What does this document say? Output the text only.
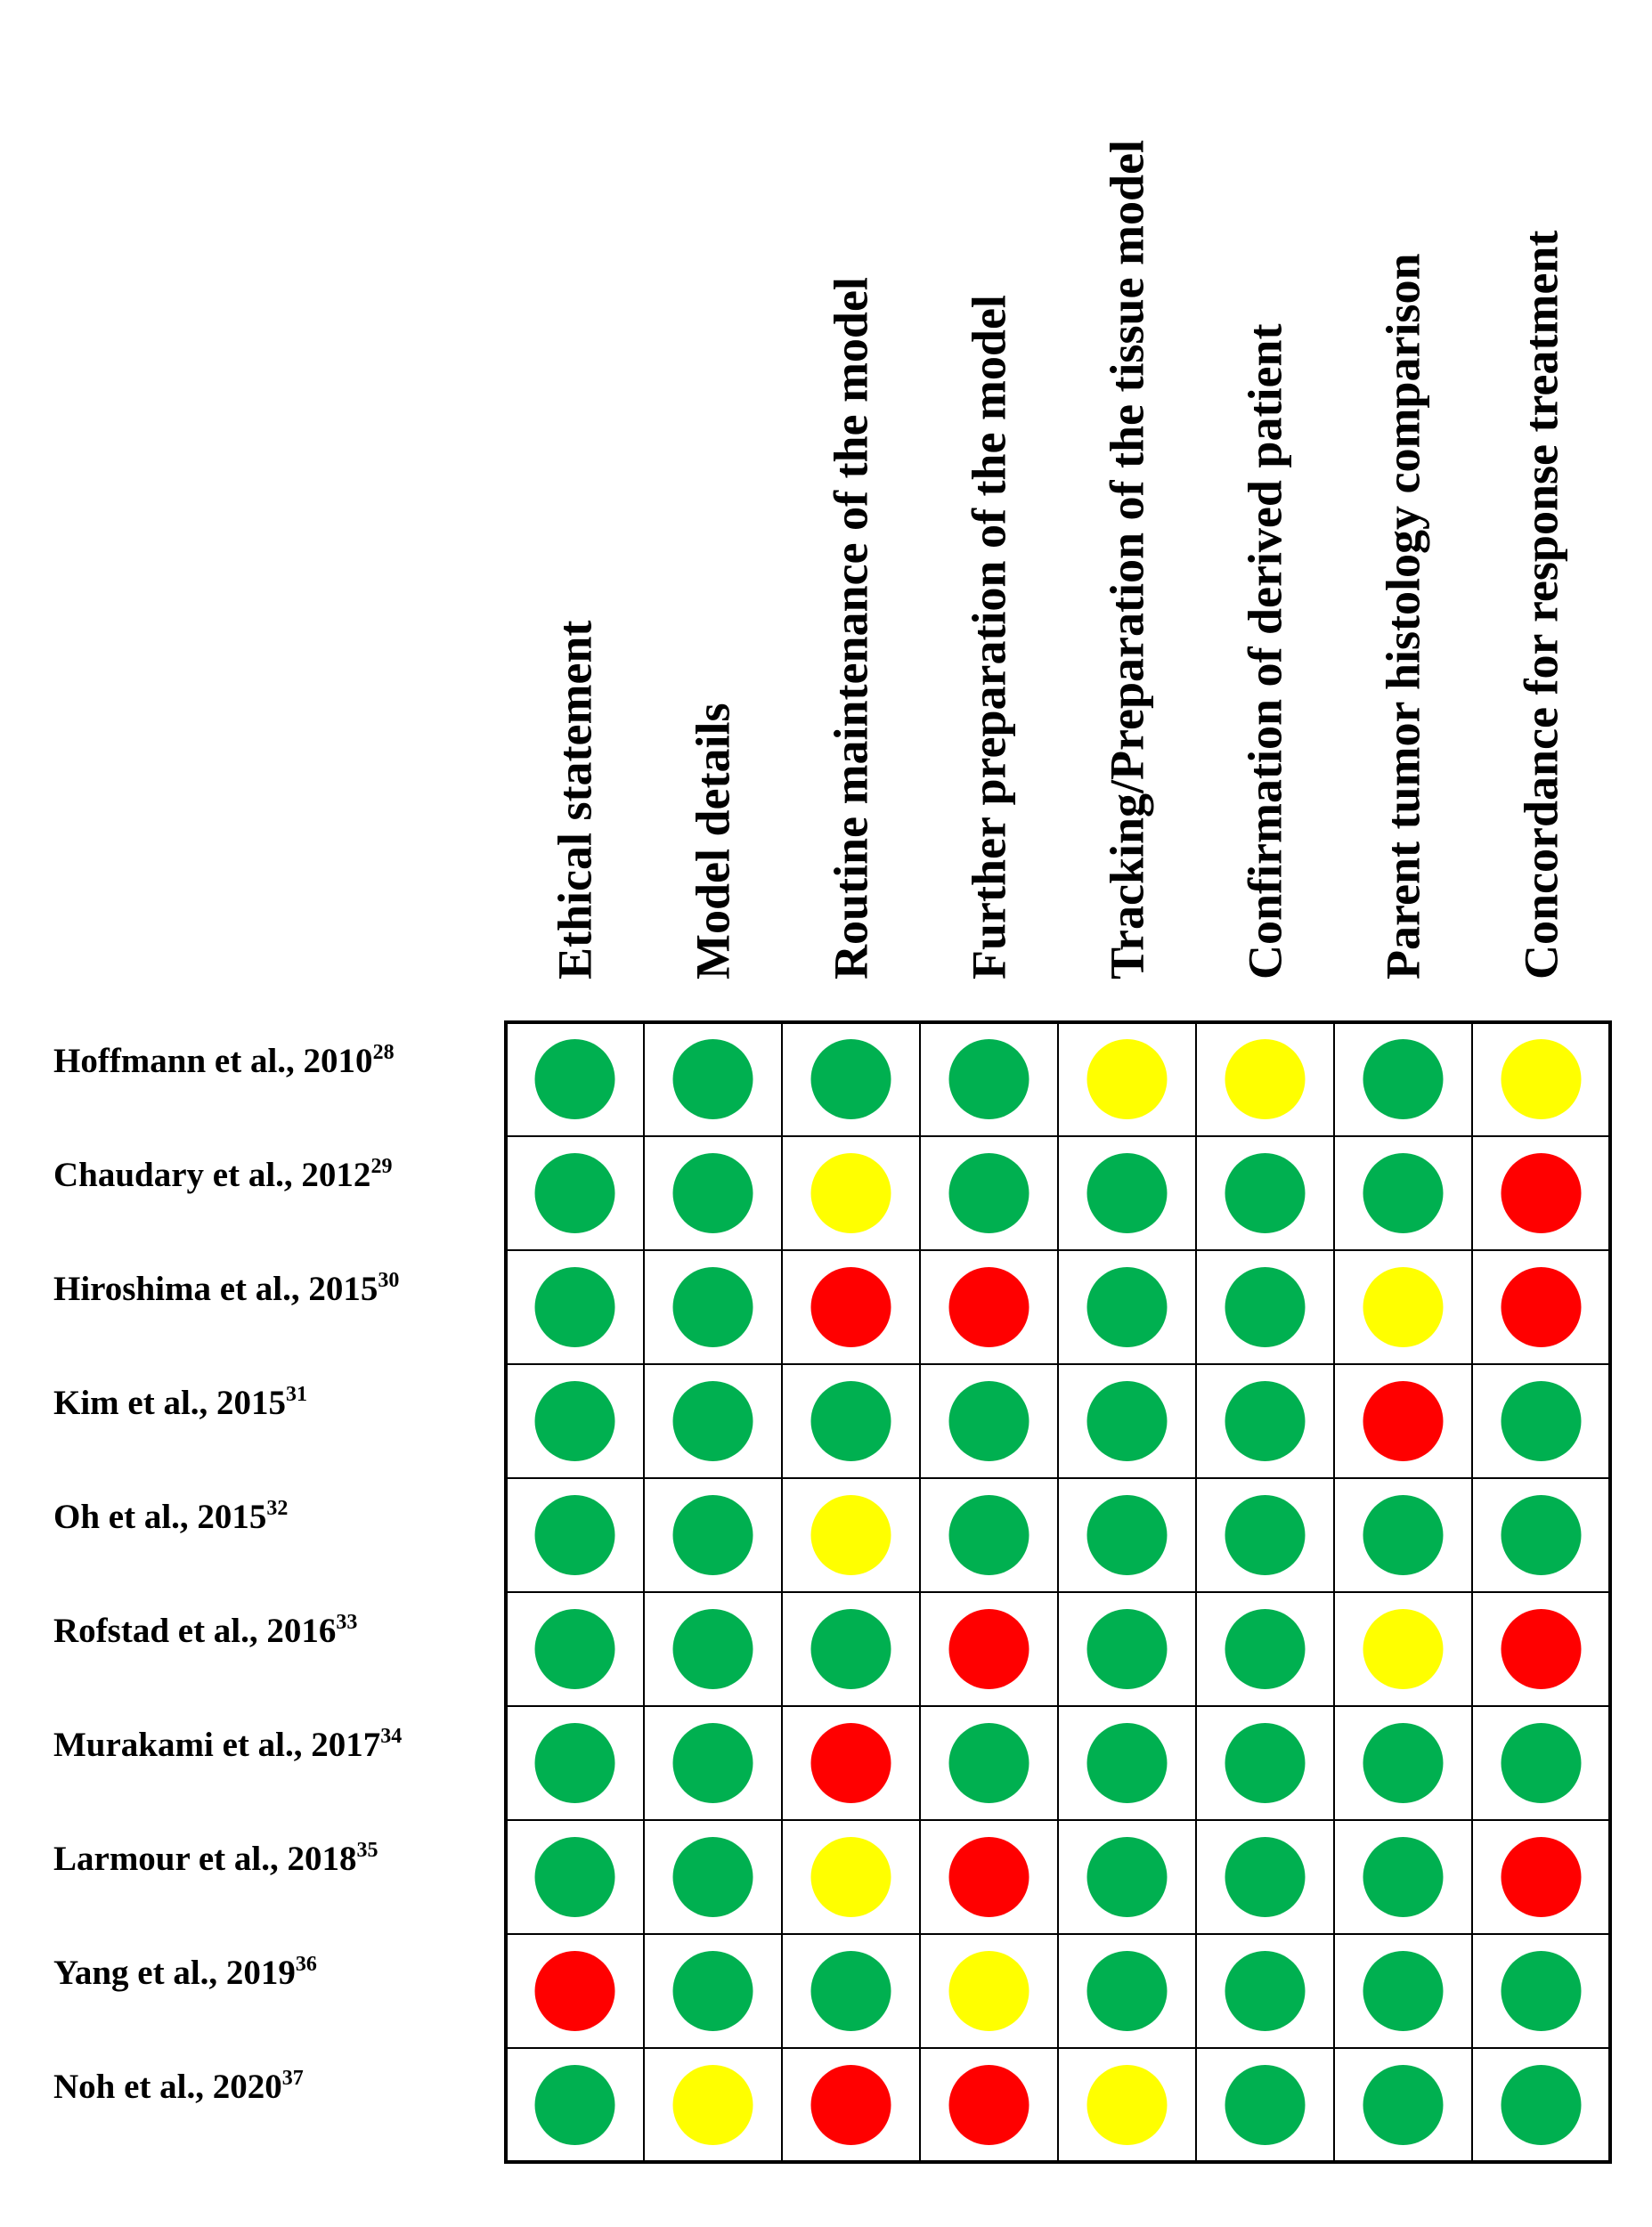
Ethical statement Model details Routine maintenance of the model Further preparation of the model Tracking/Preparation of the tissue model Confirmation of derived patient Parent tumor histology comparison Concordance for response treatment
Hoffmann et al., 2010$^{28}$
Chaudary et al., 2012$^{29}$
Hiroshima et al., 2015$^{30}$
Kim et al., 2015$^{31}$
Oh et al., 2015$^{32}$
Rofstad et al., 2016$^{33}$
Murakami et al., 2017$^{34}$
Larmour et al., 2018$^{35}$
Yang et al., 2019$^{36}$
Noh et al., 2020$^{37}$
